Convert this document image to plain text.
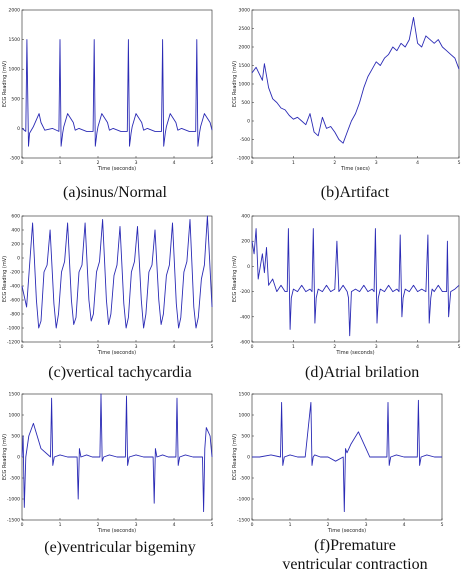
0	1	2	3	4	5
-500
0
500
1000
1500
2000
Time (seconds)
ECG Reading (mV)
(a)sinus/Normal
0	1	2	3	4	5
-1000
-500
0
500
1000
1500
2000
2500
3000
Time (secs)
ECG Reading (mV)
(b)Artifact
0	1	2	3	4	5
-1200
-1000
-800
-600
-400
-200
0
200
400
600
Time (seconds)
ECG Reading (mV)
(c)vertical tachycardia
0	1	2	3	4	5
-600
-400
-200
0
200
400
Time (seconds)
ECG Reading (mV)
(d)Atrial brilation
0	1	2	3	4	5
-1500
-1000
-500
0
500
1000
1500
Time (seconds)
ECG Reading (mV)
(e)ventricular bigeminy
0	1	2	3	4	5
-1500
-1000
-500
0
500
1000
1500
Time (seconds)
ECG Reading (mV)
(f)Premature
ventricular contraction
